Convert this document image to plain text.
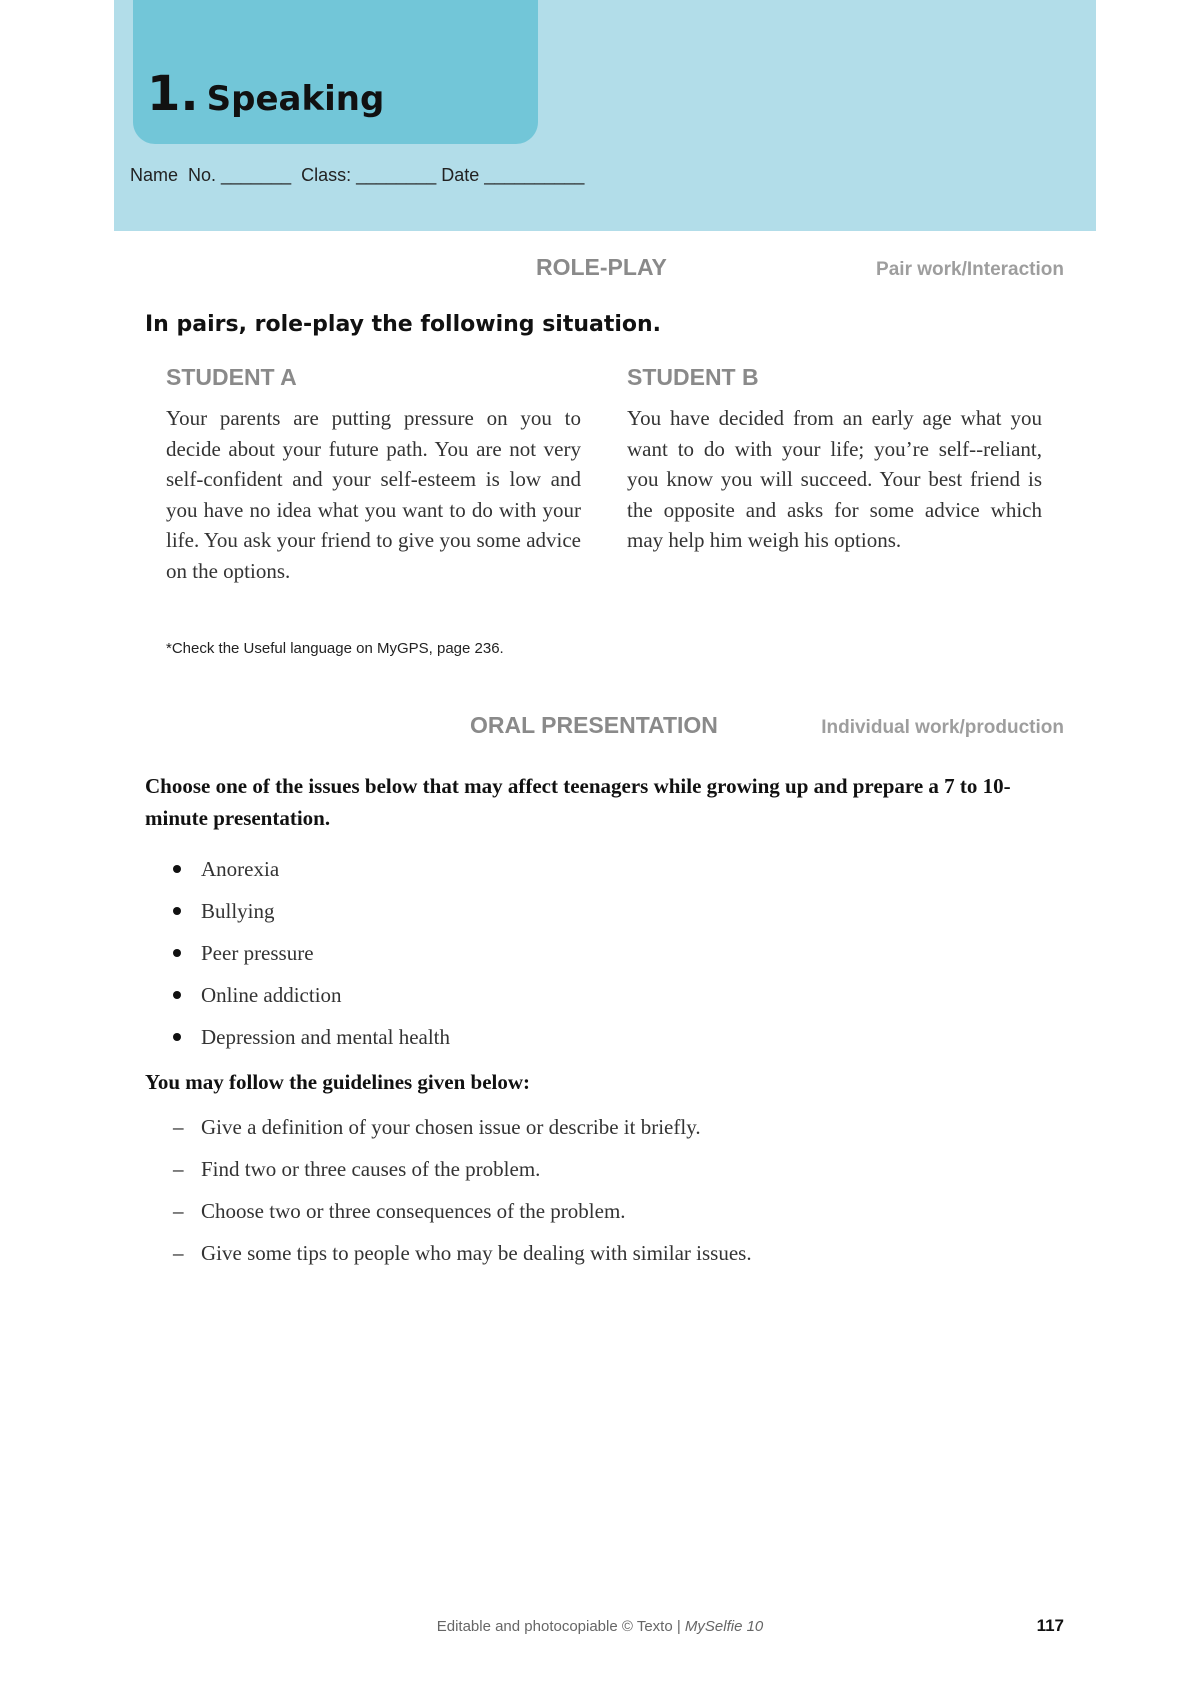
1. Speaking
Name  No. _______  Class: ________ Date __________
ROLE-PLAY	Pair work/Interaction

In pairs, role-play the following situation.

STUDENT A

Your parents are putting pressure on you to decide about your future path. You are not very self-confident and your self-esteem is low and you have no idea what you want to do with your life. You ask your friend to give you some advice on the options.

STUDENT B

You have decided from an early age what you want to do with your life; you’re self--reliant, you know you will succeed. Your best friend is the opposite and asks for some advice which may help him weigh his options.

*Check the Useful language on MyGPS, page 236.
ORAL PRESENTATION	Individual work/production

Choose one of the issues below that may affect teenagers while growing up and prepare a 7 to 10-minute presentation.

Anorexia
Bullying
Peer pressure
Online addiction
Depression and mental health

You may follow the guidelines given below:

– Give a definition of your chosen issue or describe it briefly.
– Find two or three causes of the problem.
– Choose two or three consequences of the problem.
– Give some tips to people who may be dealing with similar issues.
Editable and photocopiable © Texto | MySelfie 10	117
